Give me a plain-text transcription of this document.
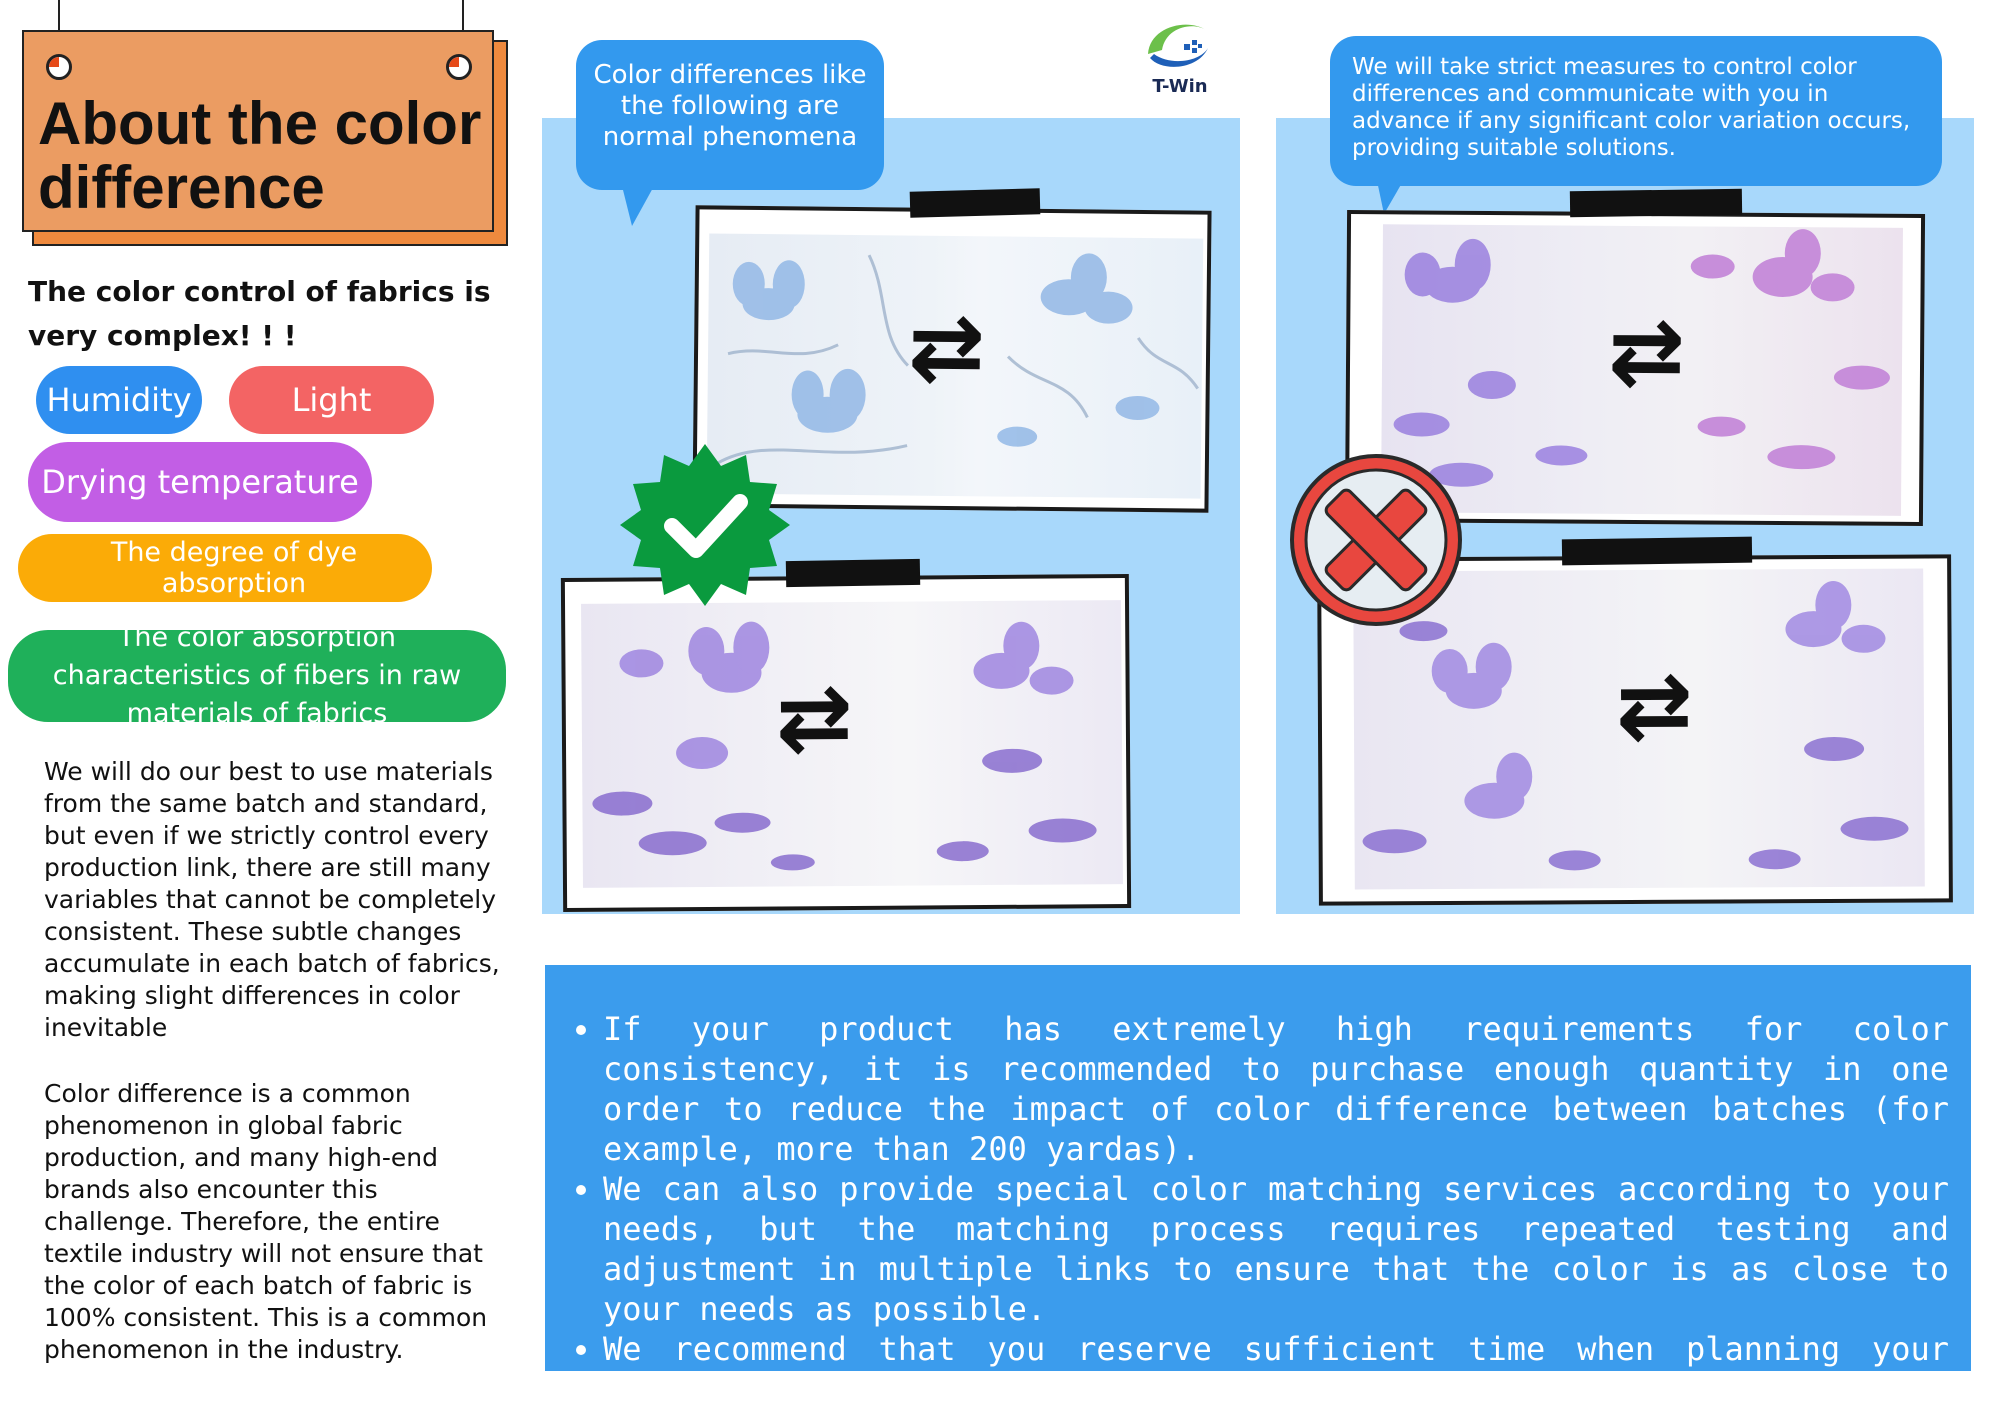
About the color difference
The color control of fabrics is very complex! ! !
Humidity	Light
Drying temperature
The degree of dye absorption
The color absorption characteristics of fibers in raw materials of fabrics
We will do our best to use materials from the same batch and standard, but even if we strictly control every production link, there are still many variables that cannot be completely consistent. These subtle changes accumulate in each batch of fabrics, making slight differences in color inevitable
Color difference is a common phenomenon in global fabric production, and many high-end brands also encounter this challenge. Therefore, the entire textile industry will not ensure that the color of each batch of fabric is 100% consistent. This is a common phenomenon in the industry.
T-Win
Color differences like the following are normal phenomena
⇄
⇄
We will take strict measures to control color differences and communicate with you in advance if any significant color variation occurs, providing suitable solutions.
⇄
⇄
• If your product has extremely high requirements for color consistency, it is recommended to purchase enough quantity in one order to reduce the impact of color difference between batches (for example, more than 200 yardas).
• We can also provide special color matching services according to your needs, but the matching process requires repeated testing and adjustment in multiple links to ensure that the color is as close to your needs as possible.
• We recommend that you reserve sufficient time when planning your order and have reasonable psychological expectations.
